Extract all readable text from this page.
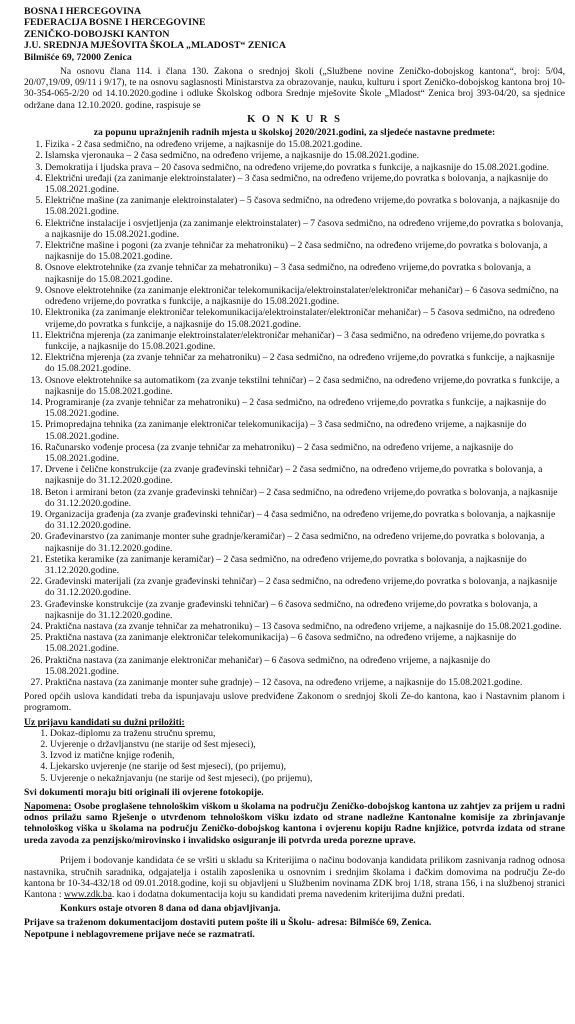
BOSNA I HERCEGOVINA
FEDERACIJA BOSNE I HERCEGOVINE
ZENIČKO-DOBOJSKI KANTON
J.U. SREDNJA MJEŠOVITA ŠKOLA „MLADOST“ ZENICA
Bilmišće 69, 72000 Zenica

Na osnovu člana 114. i člana 130. Zakona o srednjoj školi („Službene novine Zeničko-dobojskog kantona“, broj: 5/04, 20/07,19/09, 09/11 i 9/17), te na osnovu saglasnosti Ministarstva za obrazovanje, nauku, kulturu i sport Zeničko-dobojskog kantona broj 10-30-354-065-2/20 od 14.10.2020.godine i odluke Školskog odbora Srednje mješovite Škole „Mladost“ Zenica broj 393-04/20, sa sjednice održane dana 12.10.2020. godine, raspisuje se

K O N K U R S
za popunu upražnjenih radnih mjesta u školskoj 2020/2021.godini, za sljedeće nastavne predmete:
1. Fizika - 2 časa sedmično, na određeno vrijeme, a najkasnije do 15.08.2021.godine.
2. Islamska vjeronauka – 2 časa sedmično, na određeno vrijeme, a najkasnije do 15.08.2021.godine.
3. Demokratija i ljudska prava – 20 časova sedmično, na određeno vrijeme,do povratka s funkcije, a najkasnije do 15.08.2021.godine.
4. Električni uređaji (za zanimanje elektroinstalater) – 3 časa sedmično, na određeno vrijeme,do povratka s bolovanja, a najkasnije do 15.08.2021.godine.
5. Električne mašine (za zanimanje elektroinstalater) – 5 časova sedmično, na određeno vrijeme,do povratka s bolovanja, a najkasnije do 15.08.2021.godine.
6. Električne instalacije i osvjetljenja (za zanimanje elektroinstalater) – 7 časova sedmično, na određeno vrijeme,do povratka s bolovanja, a najkasnije do 15.08.2021.godine.
7. Električne mašine i pogoni (za zvanje tehničar za mehatroniku) – 2 časa sedmično, na određeno vrijeme,do povratka s bolovanja, a najkasnije do 15.08.2021.godine.
8. Osnove elektrotehnike (za zvanje tehničar za mehatroniku) – 3 časa sedmično, na određeno vrijeme,do povratka s bolovanja, a najkasnije do 15.08.2021.godine.
9. Osnove elektrotehnike (za zanimanje elektroničar telekomunikacija/elektroinstalater/elektroničar mehaničar) – 6 časova sedmično, na određeno vrijeme,do povratka s funkcije, a najkasnije do 15.08.2021.godine.
10. Elektronika (za zanimanje elektroničar telekomunikacija/elektroinstalater/elektroničar mehaničar) – 5 časova sedmično, na određeno vrijeme,do povratka s funkcije, a najkasnije do 15.08.2021.godine.
11. Električna mjerenja (za zanimanje elektroinstalater/elektroničar mehaničar) – 3 časa sedmično, na određeno vrijeme,do povratka s funkcije, a najkasnije do 15.08.2021.godine.
12. Električna mjerenja (za zvanje tehničar za mehatroniku) – 2 časa sedmično, na određeno vrijeme,do povratka s funkcije, a najkasnije do 15.08.2021.godine.
13. Osnove elektrotehnike sa automatikom (za zvanje tekstilni tehničar) – 2 časa sedmično, na određeno vrijeme,do povratka s funkcije, a najkasnije do 15.08.2021.godine.
14. Programiranje (za zvanje tehničar za mehatroniku) – 2 časa sedmično, na određeno vrijeme,do povratka s funkcije, a najkasnije do 15.08.2021.godine.
15. Primopredajna tehnika (za zanimanje elektroničar telekomunikacija) – 3 časa sedmično, na određeno vrijeme, a najkasnije do 15.08.2021.godine.
16. Računarsko vođenje procesa (za zvanje tehničar za mehatroniku) – 2 časa sedmično, na određeno vrijeme, a najkasnije do 15.08.2021.godine.
17. Drvene i čelične konstrukcije (za zvanje građevinski tehničar) – 2 časa sedmično, na određeno vrijeme,do povratka s bolovanja, a najkasnije do 31.12.2020.godine.
18. Beton i armirani beton (za zvanje građevinski tehničar) – 2 časa sedmično, na određeno vrijeme,do povratka s bolovanja, a najkasnije do 31.12.2020.godine.
19. Organizacija građenja (za zvanje građevinski tehničar) – 4 časa sedmično, na određeno vrijeme,do povratka s bolovanja, a najkasnije do 31.12.2020.godine.
20. Građevinarstvo (za zanimanje monter suhe gradnje/keramičar) – 2 časa sedmično, na određeno vrijeme,do povratka s bolovanja, a najkasnije do 31.12.2020.godine.
21. Estetika keramike (za zanimanje keramičar) – 2 časa sedmično, na određeno vrijeme,do povratka s bolovanja, a najkasnije do 31.12.2020.godine.
22. Građevinski materijali (za zvanje građevinski tehničar) – 2 časa sedmično, na određeno vrijeme,do povratka s bolovanja, a najkasnije do 31.12.2020.godine.
23. Građevinske konstrukcije (za zvanje građevinski tehničar) – 6 časova sedmično, na određeno vrijeme,do povratka s bolovanja, a najkasnije do 31.12.2020.godine.
24. Praktična nastava (za zvanje tehničar za mehatroniku) – 13 časova sedmično, na određeno vrijeme, a najkasnije do 15.08.2021.godine.
25. Praktična nastava (za zanimanje elektroničar telekomunikacija) – 6 časova sedmično, na određeno vrijeme, a najkasnije do 15.08.2021.godine.
26. Praktična nastava (za zanimanje elektroničar mehaničar) – 6 časova sedmično, na određeno vrijeme, a najkasnije do 15.08.2021.godine.
27. Praktična nastava (za zanimanje monter suhe gradnje) – 12 časova, na određeno vrijeme, a najkasnije do 15.08.2021.godine.

Pored općih uslova kandidati treba da ispunjavaju uslove predviđene Zakonom o srednjoj školi Ze-do kantona, kao i Nastavnim planom i programom.

Uz prijavu kandidati su dužni priložiti:
1. Dokaz-diplomu za traženu stručnu spremu,
2. Uvjerenje o državljanstvu (ne starije od šest mjeseci),
3. Izvod iz matične knjige rođenih,
4. Ljekarsko uvjerenje (ne starije od šest mjeseci), (po prijemu),
5. Uvjerenje o nekažnjavanju (ne starije od šest mjeseci), (po prijemu),
Svi dokumenti moraju biti originali ili ovjerene fotokopije.

Napomena: Osobe proglašene tehnološkim viškom u školama na području Zeničko-dobojskog kantona uz zahtjev za prijem u radni odnos prilažu samo Rješenje o utvrđenom tehnološkom višku izdato od strane nadležne Kantonalne komisije za zbrinjavanje tehnološkog viška u školama na području Zeničko-dobojskog kantona i ovjerenu kopiju Radne knjižice, potvrda izdata od strane ureda zavoda za penzijsko/mirovinsko i invalidsko osiguranje ili potvrda ureda porezne uprave.

Prijem i bodovanje kandidata će se vršiti u skladu sa Kriterijima o načinu bodovanja kandidata prilikom zasnivanja radnog odnosa nastavnika, stručnih saradnika, odgajatelja i ostalih zaposlenika u osnovnim i srednjim školama i đačkim domovima na području Ze-do kantona br 10-34-432/18 od 09.01.2018.godine, koji su objavljeni u Službenim novinama ZDK broj 1/18, strana 156, i na službenoj stranici Kantona : www.zdk.ba. kao i dodatna dokumentacija koju su kandidati prema navedenim kriterijima dužni predati.

Konkurs ostaje otvoren 8 dana od dana objavljivanja.
Prijave sa traženom dokumentacijom dostaviti putem pošte ili u Školu- adresa: Bilmišće 69, Zenica.
Nepotpune i neblagovremene prijave neće se razmatrati.
